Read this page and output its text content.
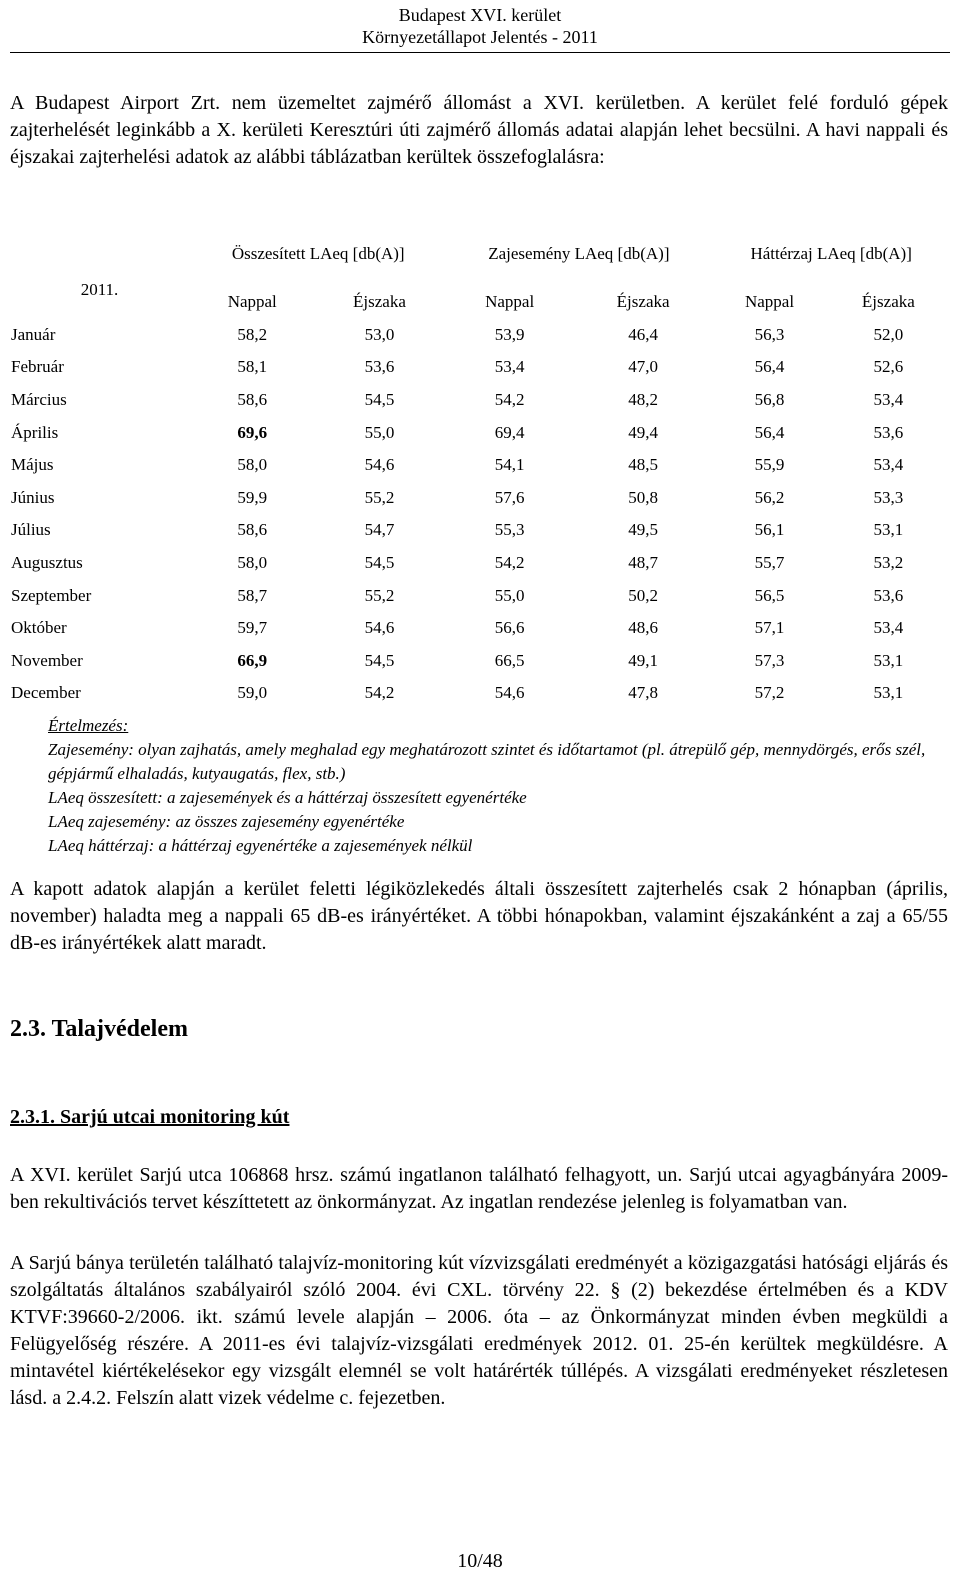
Budapest XVI. kerület
Környezetállapot Jelentés - 2011

A Budapest Airport Zrt. nem üzemeltet zajmérő állomást a XVI. kerületben. A kerület felé forduló gépek zajterhelését leginkább a X. kerületi Keresztúri úti zajmérő állomás adatai alapján lehet becsülni. A havi nappali és éjszakai zajterhelési adatok az alábbi táblázatban kerültek összefoglalásra:

2011.	Összesített LAeq [db(A)]		Zajesemény LAeq [db(A)]		Háttérzaj LAeq [db(A)]	
	Nappal	Éjszaka	Nappal	Éjszaka	Nappal	Éjszaka
Január	58,2	53,0	53,9	46,4	56,3	52,0
Február	58,1	53,6	53,4	47,0	56,4	52,6
Március	58,6	54,5	54,2	48,2	56,8	53,4
Április	69,6	55,0	69,4	49,4	56,4	53,6
Május	58,0	54,6	54,1	48,5	55,9	53,4
Június	59,9	55,2	57,6	50,8	56,2	53,3
Július	58,6	54,7	55,3	49,5	56,1	53,1
Augusztus	58,0	54,5	54,2	48,7	55,7	53,2
Szeptember	58,7	55,2	55,0	50,2	56,5	53,6
Október	59,7	54,6	56,6	48,6	57,1	53,4
November	66,9	54,5	66,5	49,1	57,3	53,1
December	59,0	54,2	54,6	47,8	57,2	53,1
Értelmezés:
Zajesemény: olyan zajhatás, amely meghalad egy meghatározott szintet és időtartamot (pl. átrepülő gép, mennydörgés, erős szél, gépjármű elhaladás, kutyaugatás, flex, stb.)
LAeq összesített: a zajesemények és a háttérzaj összesített egyenértéke
LAeq zajesemény: az összes zajesemény egyenértéke
LAeq háttérzaj: a háttérzaj egyenértéke a zajesemények nélkül

A kapott adatok alapján a kerület feletti légiközlekedés általi összesített zajterhelés csak 2 hónapban (április, november) haladta meg a nappali 65 dB-es irányértéket. A többi hónapokban, valamint éjszakánként a zaj a 65/55 dB-es irányértékek alatt maradt.

2.3. Talajvédelem
2.3.1. Sarjú utcai monitoring kút

A XVI. kerület Sarjú utca 106868 hrsz. számú ingatlanon található felhagyott, un. Sarjú utcai agyagbányára 2009-ben rekultivációs tervet készíttetett az önkormányzat. Az ingatlan rendezése jelenleg is folyamatban van.

A Sarjú bánya területén található talajvíz-monitoring kút vízvizsgálati eredményét a közigazgatási hatósági eljárás és szolgáltatás általános szabályairól szóló 2004. évi CXL. törvény 22. § (2) bekezdése értelmében és a KDV KTVF:39660-2/2006. ikt. számú levele alapján – 2006. óta – az Önkormányzat minden évben megküldi a Felügyelőség részére. A 2011-es évi talajvíz-vizsgálati eredmények 2012. 01. 25-én kerültek megküldésre. A mintavétel kiértékelésekor egy vizsgált elemnél se volt határérték túllépés. A vizsgálati eredményeket részletesen lásd. a 2.4.2. Felszín alatt vizek védelme c. fejezetben.

10/48
